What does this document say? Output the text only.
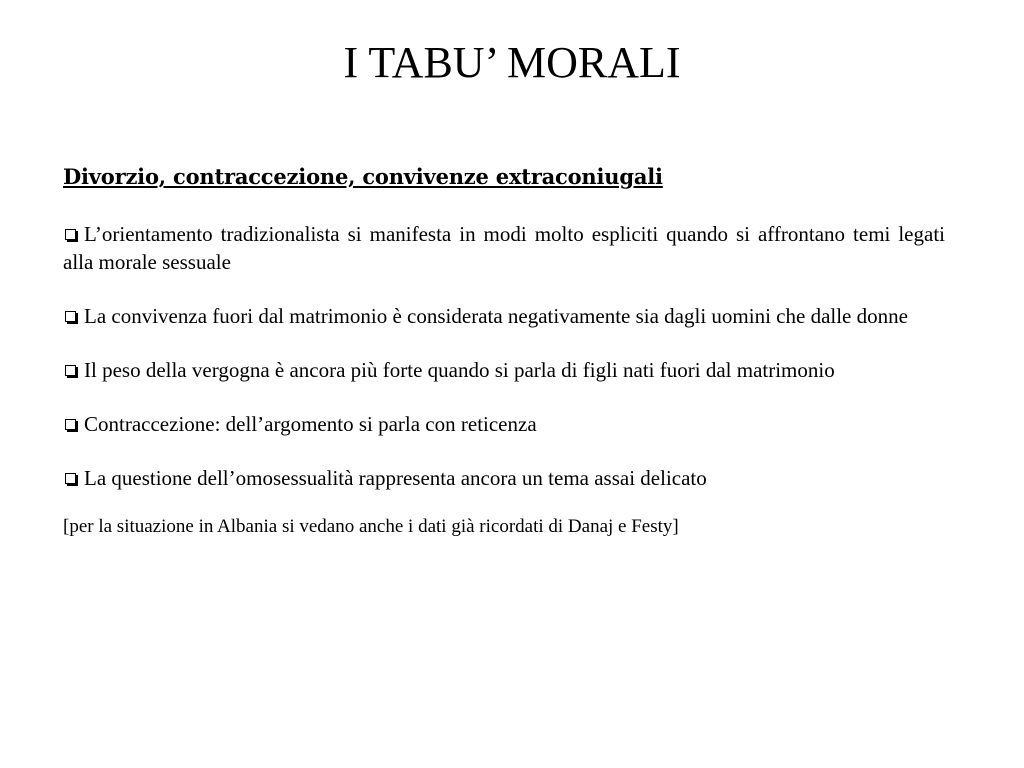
I TABU’ MORALI

Divorzio, contraccezione, convivenze extraconiugali

L’orientamento tradizionalista si manifesta in modi molto espliciti quando si affrontano temi legati alla morale sessuale
La convivenza fuori dal matrimonio è considerata negativamente sia dagli uomini che dalle donne
Il peso della vergogna è ancora più forte quando si parla di figli nati fuori dal matrimonio
Contraccezione: dell’argomento si parla con reticenza
La questione dell’omosessualità rappresenta ancora un tema assai delicato

[per la situazione in Albania si vedano anche i dati già ricordati di Danaj e Festy]
